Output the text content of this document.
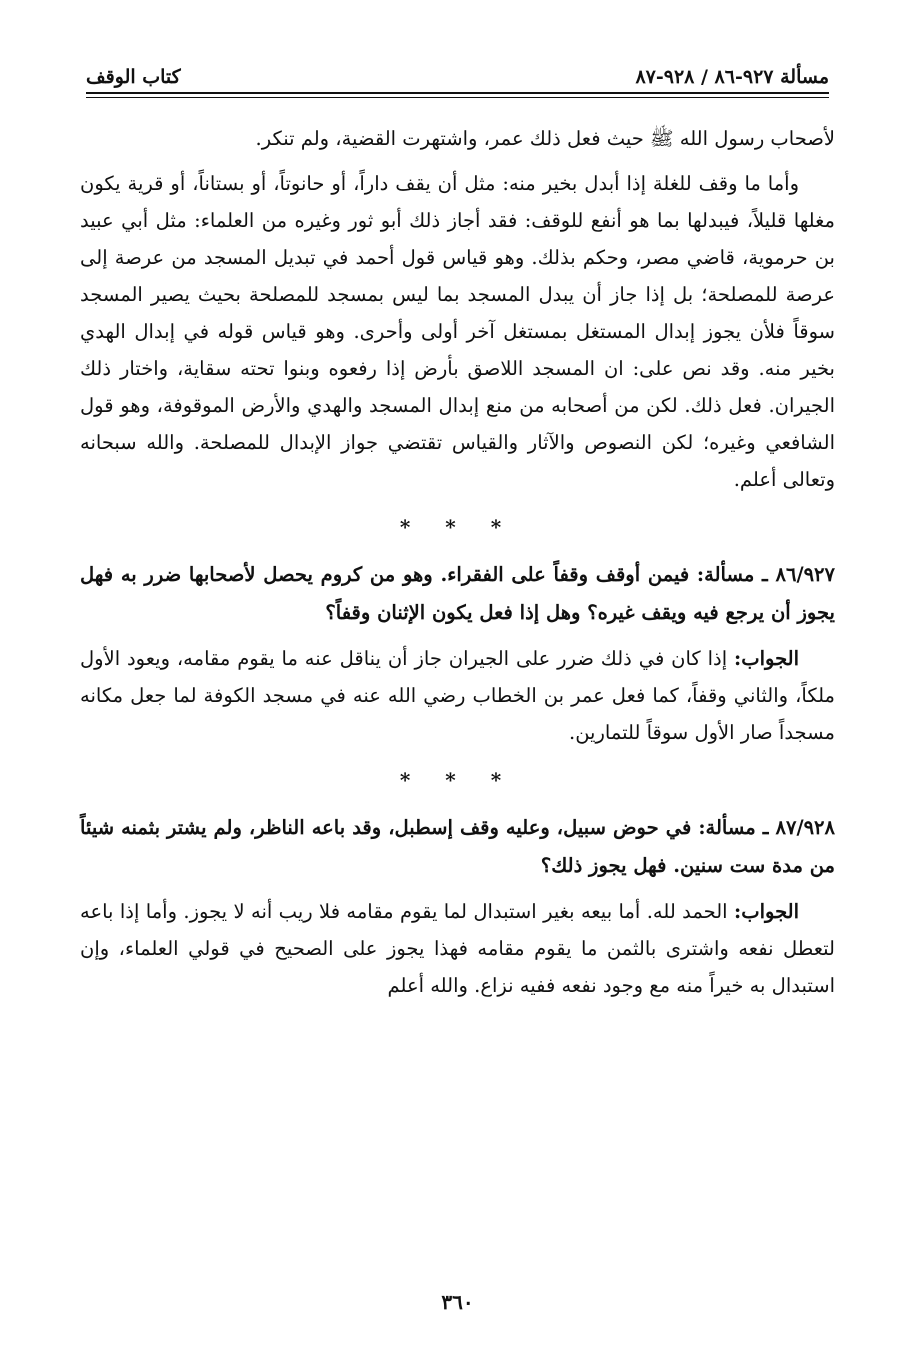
مسألة ٩٢٧-٨٦ / ٩٢٨-٨٧
كتاب الوقف

لأصحاب رسول الله ﷺ حيث فعل ذلك عمر، واشتهرت القضية، ولم تنكر.

وأما ما وقف للغلة إذا أبدل بخير منه: مثل أن يقف داراً، أو حانوتاً، أو بستاناً، أو قرية يكون مغلها قليلاً، فيبدلها بما هو أنفع للوقف: فقد أجاز ذلك أبو ثور وغيره من العلماء: مثل أبي عبيد بن حرموية، قاضي مصر، وحكم بذلك. وهو قياس قول أحمد في تبديل المسجد من عرصة إلى عرصة للمصلحة؛ بل إذا جاز أن يبدل المسجد بما ليس بمسجد للمصلحة بحيث يصير المسجد سوقاً فلأن يجوز إبدال المستغل بمستغل آخر أولى وأحرى. وهو قياس قوله في إبدال الهدي بخير منه. وقد نص على: ان المسجد اللاصق بأرض إذا رفعوه وبنوا تحته سقاية، واختار ذلك الجيران. فعل ذلك. لكن من أصحابه من منع إبدال المسجد والهدي والأرض الموقوفة، وهو قول الشافعي وغيره؛ لكن النصوص والآثار والقياس تقتضي جواز الإبدال للمصلحة. والله سبحانه وتعالى أعلم.

* * *

٨٦/٩٢٧ ـ مسألة: فيمن أوقف وقفاً على الفقراء. وهو من كروم يحصل لأصحابها ضرر به فهل يجوز أن يرجع فيه ويقف غيره؟ وهل إذا فعل يكون الإثنان وقفاً؟

الجواب: إذا كان في ذلك ضرر على الجيران جاز أن يناقل عنه ما يقوم مقامه، ويعود الأول ملكاً، والثاني وقفاً، كما فعل عمر بن الخطاب رضي الله عنه في مسجد الكوفة لما جعل مكانه مسجداً صار الأول سوقاً للتمارين.

* * *

٨٧/٩٢٨ ـ مسألة: في حوض سبيل، وعليه وقف إسطبل، وقد باعه الناظر، ولم يشتر بثمنه شيئاً من مدة ست سنين. فهل يجوز ذلك؟

الجواب: الحمد لله. أما بيعه بغير استبدال لما يقوم مقامه فلا ريب أنه لا يجوز. وأما إذا باعه لتعطل نفعه واشترى بالثمن ما يقوم مقامه فهذا يجوز على الصحيح في قولي العلماء، وإن استبدال به خيراً منه مع وجود نفعه ففيه نزاع. والله أعلم

٣٦٠
